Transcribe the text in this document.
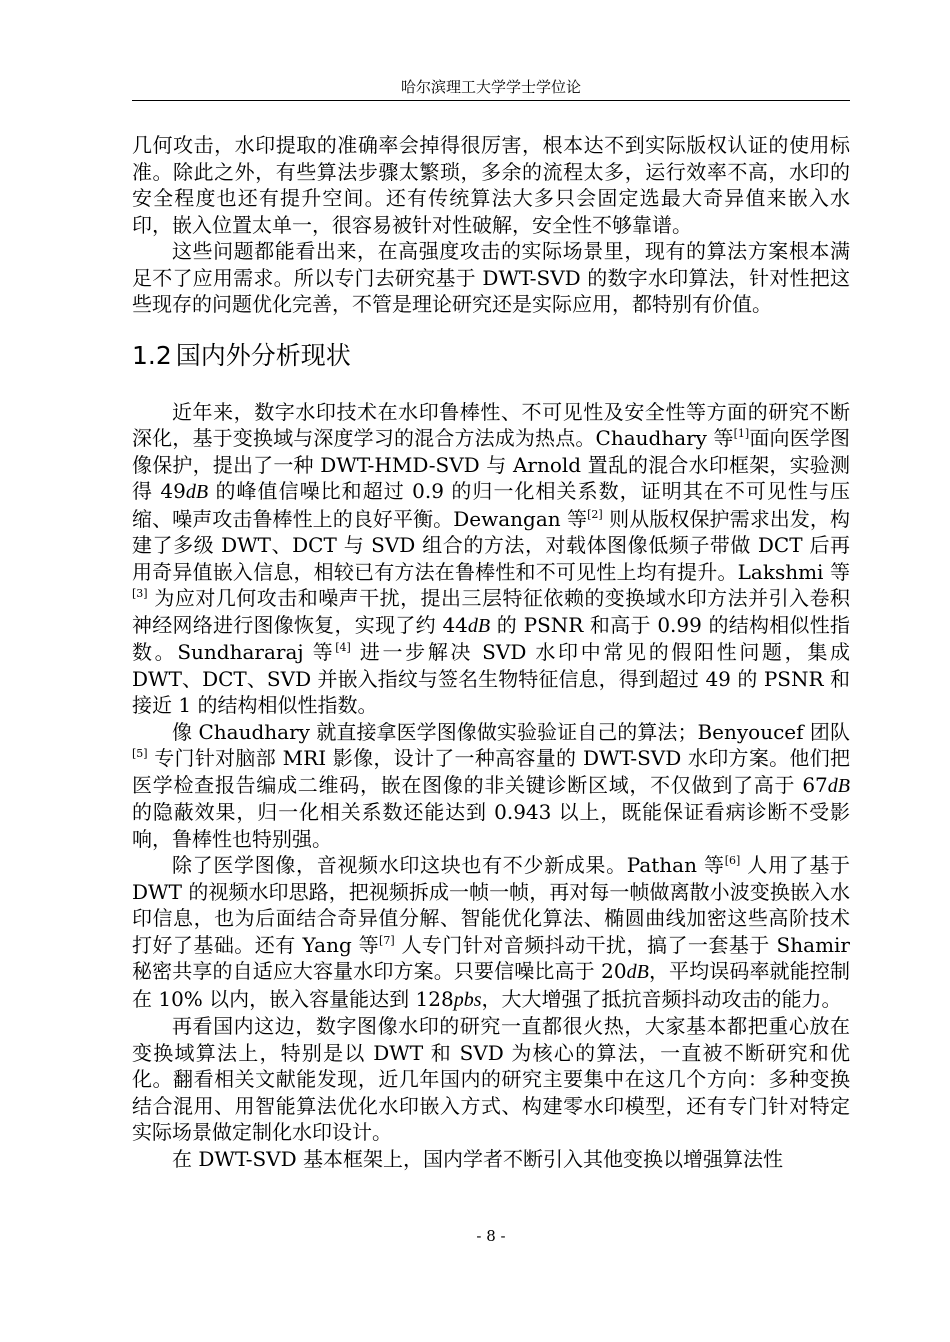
哈尔滨理工大学学士学位论

几何攻击，水印提取的准确率会掉得很厉害，根本达不到实际版权认证的使用标准。除此之外，有些算法步骤太繁琐，多余的流程太多，运行效率不高，水印的安全程度也还有提升空间。还有传统算法大多只会固定选最大奇异值来嵌入水印，嵌入位置太单一，很容易被针对性破解，安全性不够靠谱。

这些问题都能看出来，在高强度攻击的实际场景里，现有的算法方案根本满足不了应用需求。所以专门去研究基于 DWT-SVD 的数字水印算法，针对性把这些现存的问题优化完善，不管是理论研究还是实际应用，都特别有价值。

1.2 国内外分析现状

近年来，数字水印技术在水印鲁棒性、不可见性及安全性等方面的研究不断深化，基于变换域与深度学习的混合方法成为热点。Chaudhary 等[1]面向医学图像保护，提出了一种 DWT-HMD-SVD 与 Arnold 置乱的混合水印框架，实验测得 49dB 的峰值信噪比和超过 0.9 的归一化相关系数，证明其在不可见性与压缩、噪声攻击鲁棒性上的良好平衡。Dewangan 等[2] 则从版权保护需求出发，构建了多级 DWT、DCT 与 SVD 组合的方法，对载体图像低频子带做 DCT 后再用奇异值嵌入信息，相较已有方法在鲁棒性和不可见性上均有提升。Lakshmi 等[3] 为应对几何攻击和噪声干扰，提出三层特征依赖的变换域水印方法并引入卷积神经网络进行图像恢复，实现了约 44dB 的 PSNR 和高于 0.99 的结构相似性指数。Sundhararaj 等[4] 进一步解决 SVD 水印中常见的假阳性问题，集成 DWT、DCT、SVD 并嵌入指纹与签名生物特征信息，得到超过 49 的 PSNR 和接近 1 的结构相似性指数。

像 Chaudhary 就直接拿医学图像做实验验证自己的算法；Benyoucef 团队[5] 专门针对脑部 MRI 影像，设计了一种高容量的 DWT-SVD 水印方案。他们把医学检查报告编成二维码，嵌在图像的非关键诊断区域，不仅做到了高于 67dB 的隐蔽效果，归一化相关系数还能达到 0.943 以上，既能保证看病诊断不受影响，鲁棒性也特别强。

除了医学图像，音视频水印这块也有不少新成果。Pathan 等[6] 人用了基于 DWT 的视频水印思路，把视频拆成一帧一帧，再对每一帧做离散小波变换嵌入水印信息，也为后面结合奇异值分解、智能优化算法、椭圆曲线加密这些高阶技术打好了基础。还有 Yang 等[7] 人专门针对音频抖动干扰，搞了一套基于 Shamir 秘密共享的自适应大容量水印方案。只要信噪比高于 20dB，平均误码率就能控制在 10% 以内，嵌入容量能达到 128pbs，大大增强了抵抗音频抖动攻击的能力。

再看国内这边，数字图像水印的研究一直都很火热，大家基本都把重心放在变换域算法上，特别是以 DWT 和 SVD 为核心的算法，一直被不断研究和优化。翻看相关文献能发现，近几年国内的研究主要集中在这几个方向：多种变换结合混用、用智能算法优化水印嵌入方式、构建零水印模型，还有专门针对特定实际场景做定制化水印设计。

在 DWT-SVD 基本框架上，国内学者不断引入其他变换以增强算法性

- 8 -
